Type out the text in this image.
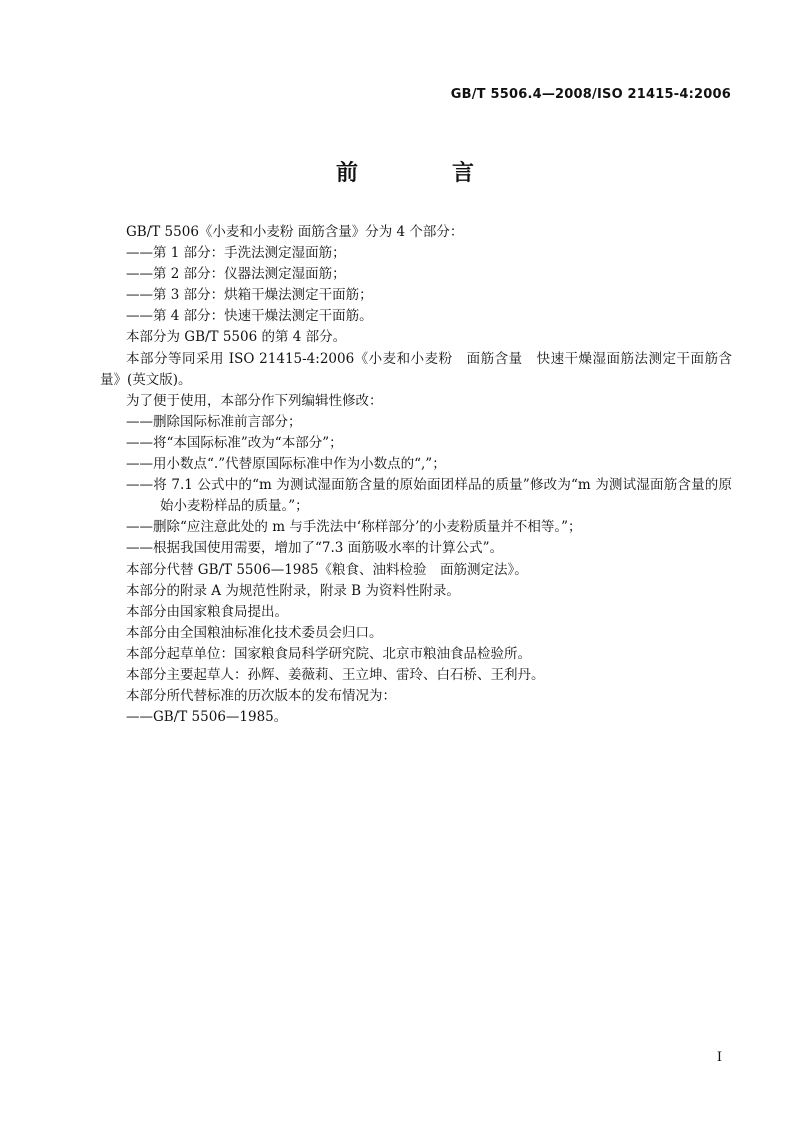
GB/T 5506.4—2008/ISO 21415-4:2006
前　言

GB/T 5506《小麦和小麦粉 面筋含量》分为 4 个部分：

——第 1 部分：手洗法测定湿面筋；

——第 2 部分：仪器法测定湿面筋；

——第 3 部分：烘箱干燥法测定干面筋；

——第 4 部分：快速干燥法测定干面筋。

本部分为 GB/T 5506 的第 4 部分。

本部分等同采用 ISO 21415-4:2006《小麦和小麦粉　面筋含量　快速干燥湿面筋法测定干面筋含量》(英文版)。

为了便于使用，本部分作下列编辑性修改：

——删除国际标准前言部分；

——将“本国际标准”改为“本部分”；

——用小数点“.”代替原国际标准中作为小数点的“,”；

——将 7.1 公式中的“m 为测试湿面筋含量的原始面团样品的质量”修改为“m 为测试湿面筋含量的原始小麦粉样品的质量。”；

——删除“应注意此处的 m 与手洗法中‘称样部分’的小麦粉质量并不相等。”；

——根据我国使用需要，增加了“7.3 面筋吸水率的计算公式”。

本部分代替 GB/T 5506—1985《粮食、油料检验　面筋测定法》。

本部分的附录 A 为规范性附录，附录 B 为资料性附录。

本部分由国家粮食局提出。

本部分由全国粮油标准化技术委员会归口。

本部分起草单位：国家粮食局科学研究院、北京市粮油食品检验所。

本部分主要起草人：孙辉、姜薇莉、王立坤、雷玲、白石桥、王利丹。

本部分所代替标准的历次版本的发布情况为：

——GB/T 5506—1985。

I
